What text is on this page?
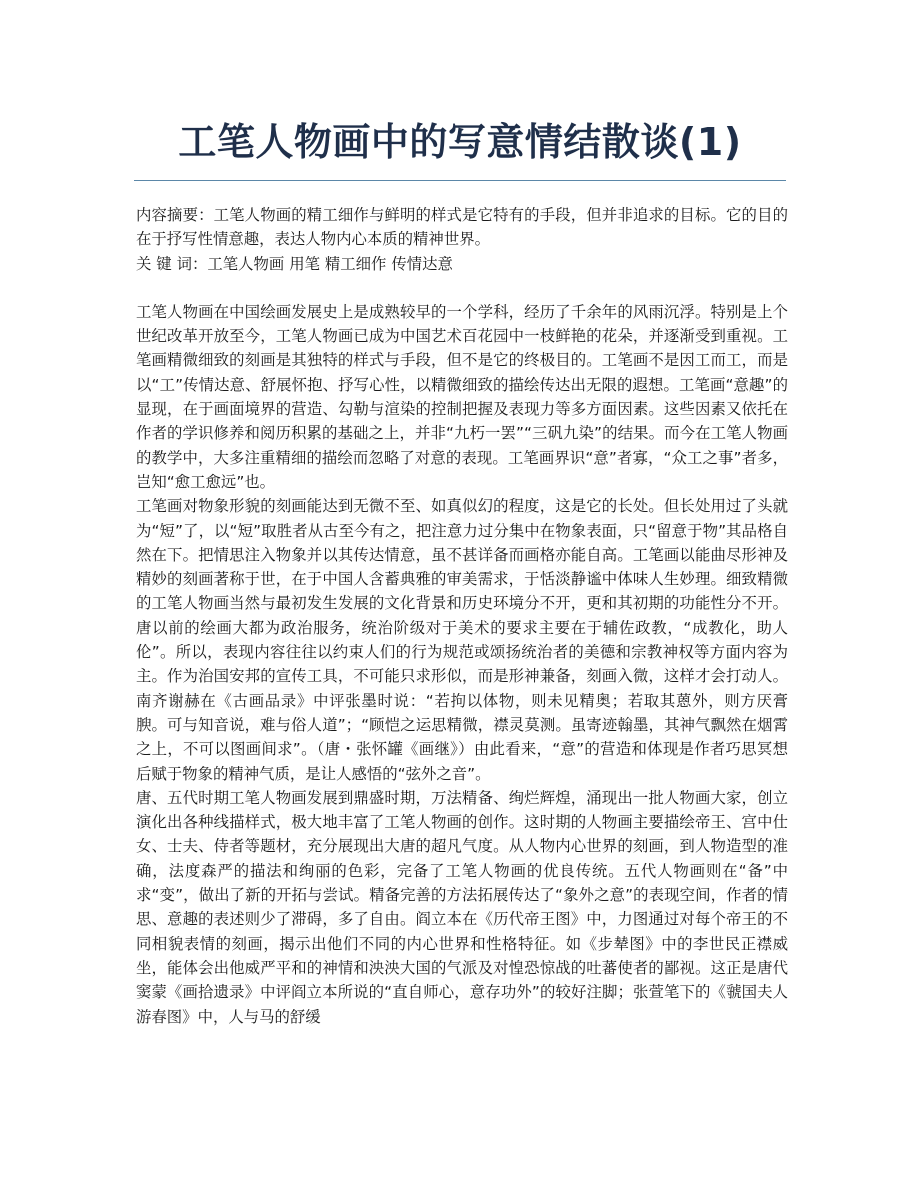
工笔人物画中的写意情结散谈(1)

内容摘要：工笔人物画的精工细作与鲜明的样式是它特有的手段，但并非追求的目标。它的目的在于抒写性情意趣，表达人物内心本质的精神世界。

关 键 词：工笔人物画 用笔 精工细作 传情达意

工笔人物画在中国绘画发展史上是成熟较早的一个学科，经历了千余年的风雨沉浮。特别是上个世纪改革开放至今，工笔人物画已成为中国艺术百花园中一枝鲜艳的花朵，并逐渐受到重视。工笔画精微细致的刻画是其独特的样式与手段，但不是它的终极目的。工笔画不是因工而工，而是以“工”传情达意、舒展怀抱、抒写心性，以精微细致的描绘传达出无限的遐想。工笔画“意趣”的显现，在于画面境界的营造、勾勒与渲染的控制把握及表现力等多方面因素。这些因素又依托在作者的学识修养和阅历积累的基础之上，并非“九朽一罢”“三矾九染”的结果。而今在工笔人物画的教学中，大多注重精细的描绘而忽略了对意的表现。工笔画界识“意”者寡，“众工之事”者多，岂知“愈工愈远”也。

工笔画对物象形貌的刻画能达到无微不至、如真似幻的程度，这是它的长处。但长处用过了头就为“短”了，以“短”取胜者从古至今有之，把注意力过分集中在物象表面，只“留意于物”其品格自然在下。把情思注入物象并以其传达情意，虽不甚详备而画格亦能自高。工笔画以能曲尽形神及精妙的刻画著称于世，在于中国人含蓄典雅的审美需求，于恬淡静谧中体味人生妙理。细致精微的工笔人物画当然与最初发生发展的文化背景和历史环境分不开，更和其初期的功能性分不开。唐以前的绘画大都为政治服务，统治阶级对于美术的要求主要在于辅佐政教，“成教化，助人伦”。所以，表现内容往往以约束人们的行为规范或颂扬统治者的美德和宗教神权等方面内容为主。作为治国安邦的宣传工具，不可能只求形似，而是形神兼备，刻画入微，这样才会打动人。南齐谢赫在《古画品录》中评张墨时说：“若拘以体物，则未见精奥；若取其蒽外，则方厌膏腴。可与知音说，难与俗人道”；“顾恺之运思精微，襟灵莫测。虽寄迹翰墨，其神气飘然在烟霄之上，不可以图画间求”。（唐・张怀罐《画继》）由此看来，“意”的营造和体现是作者巧思冥想后赋于物象的精神气质，是让人感悟的“弦外之音”。

唐、五代时期工笔人物画发展到鼎盛时期，万法精备、绚烂辉煌，涌现出一批人物画大家，创立演化出各种线描样式，极大地丰富了工笔人物画的创作。这时期的人物画主要描绘帝王、宫中仕女、士夫、侍者等题材，充分展现出大唐的超凡气度。从人物内心世界的刻画，到人物造型的准确，法度森严的描法和绚丽的色彩，完备了工笔人物画的优良传统。五代人物画则在“备”中求“变”，做出了新的开拓与尝试。精备完善的方法拓展传达了“象外之意”的表现空间，作者的情思、意趣的表述则少了滞碍，多了自由。阎立本在《历代帝王图》中，力图通过对每个帝王的不同相貌表情的刻画，揭示出他们不同的内心世界和性格特征。如《步辇图》中的李世民正襟威坐，能体会出他威严平和的神情和泱泱大国的气派及对惶恐惊战的吐蕃使者的鄙视。这正是唐代窦蒙《画拾遗录》中评阎立本所说的“直自师心，意存功外”的较好注脚；张萱笔下的《虢国夫人游春图》中，人与马的舒缓
